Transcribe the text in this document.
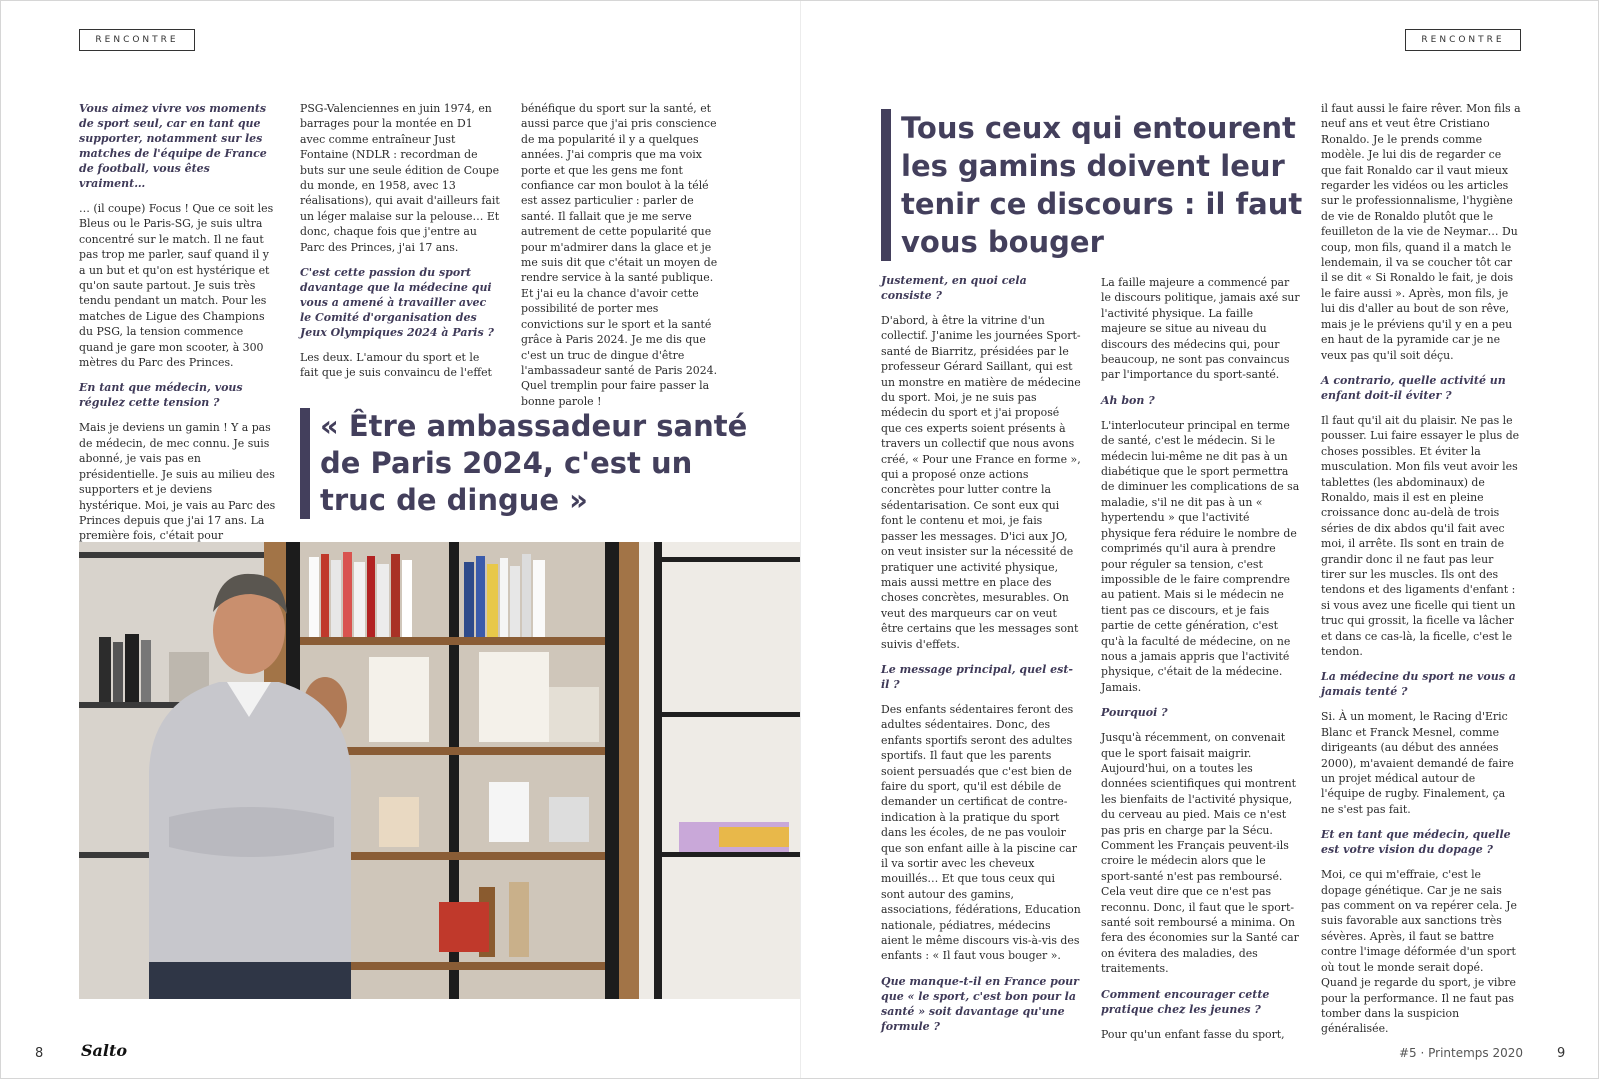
RENCONTRE	RENCONTRE

Vous aimez vivre vos moments de sport seul, car en tant que supporter, notamment sur les matches de l'équipe de France de football, vous êtes vraiment…

… (il coupe) Focus ! Que ce soit les Bleus ou le Paris-SG, je suis ultra concentré sur le match. Il ne faut pas trop me parler, sauf quand il y a un but et qu'on est hystérique et qu'on saute partout. Je suis très tendu pendant un match. Pour les matches de Ligue des Champions du PSG, la tension commence quand je gare mon scooter, à 300 mètres du Parc des Princes.

En tant que médecin, vous régulez cette tension ?

Mais je deviens un gamin ! Y a pas de médecin, de mec connu. Je suis abonné, je vais pas en présidentielle. Je suis au milieu des supporters et je deviens hystérique. Moi, je vais au Parc des Princes depuis que j'ai 17 ans. La première fois, c'était pour

PSG-Valenciennes en juin 1974, en barrages pour la montée en D1 avec comme entraîneur Just Fontaine (NDLR : recordman de buts sur une seule édition de Coupe du monde, en 1958, avec 13 réalisations), qui avait d'ailleurs fait un léger malaise sur la pelouse… Et donc, chaque fois que j'entre au Parc des Princes, j'ai 17 ans.

C'est cette passion du sport davantage que la médecine qui vous a amené à travailler avec le Comité d'organisation des Jeux Olympiques 2024 à Paris ?

Les deux. L'amour du sport et le fait que je suis convaincu de l'effet

bénéfique du sport sur la santé, et aussi parce que j'ai pris conscience de ma popularité il y a quelques années. J'ai compris que ma voix porte et que les gens me font confiance car mon boulot à la télé est assez particulier : parler de santé. Il fallait que je me serve autrement de cette popularité que pour m'admirer dans la glace et je me suis dit que c'était un moyen de rendre service à la santé publique. Et j'ai eu la chance d'avoir cette possibilité de porter mes convictions sur le sport et la santé grâce à Paris 2024. Je me dis que c'est un truc de dingue d'être l'ambassadeur santé de Paris 2024. Quel tremplin pour faire passer la bonne parole !

« Être ambassadeur santé de Paris 2024, c'est un truc de dingue »
8 Salto
Tous ceux qui entourent les gamins doivent leur tenir ce discours : il faut vous bouger

Justement, en quoi cela consiste ?

D'abord, à être la vitrine d'un collectif. J'anime les journées Sport-santé de Biarritz, présidées par le professeur Gérard Saillant, qui est un monstre en matière de médecine du sport. Moi, je ne suis pas médecin du sport et j'ai proposé que ces experts soient présents à travers un collectif que nous avons créé, « Pour une France en forme », qui a proposé onze actions concrètes pour lutter contre la sédentarisation. Ce sont eux qui font le contenu et moi, je fais passer les messages. D'ici aux JO, on veut insister sur la nécessité de pratiquer une activité physique, mais aussi mettre en place des choses concrètes, mesurables. On veut des marqueurs car on veut être certains que les messages sont suivis d'effets.

Le message principal, quel est-il ?

Des enfants sédentaires feront des adultes sédentaires. Donc, des enfants sportifs seront des adultes sportifs. Il faut que les parents soient persuadés que c'est bien de faire du sport, qu'il est débile de demander un certificat de contre-indication à la pratique du sport dans les écoles, de ne pas vouloir que son enfant aille à la piscine car il va sortir avec les cheveux mouillés… Et que tous ceux qui sont autour des gamins, associations, fédérations, Education nationale, pédiatres, médecins aient le même discours vis-à-vis des enfants : « Il faut vous bouger ».

Que manque-t-il en France pour que « le sport, c'est bon pour la santé » soit davantage qu'une formule ?

La faille majeure a commencé par le discours politique, jamais axé sur l'activité physique. La faille majeure se situe au niveau du discours des médecins qui, pour beaucoup, ne sont pas convaincus par l'importance du sport-santé.

Ah bon ?

L'interlocuteur principal en terme de santé, c'est le médecin. Si le médecin lui-même ne dit pas à un diabétique que le sport permettra de diminuer les complications de sa maladie, s'il ne dit pas à un « hypertendu » que l'activité physique fera réduire le nombre de comprimés qu'il aura à prendre pour réguler sa tension, c'est impossible de le faire comprendre au patient. Mais si le médecin ne tient pas ce discours, et je fais partie de cette génération, c'est qu'à la faculté de médecine, on ne nous a jamais appris que l'activité physique, c'était de la médecine. Jamais.

Pourquoi ?

Jusqu'à récemment, on convenait que le sport faisait maigrir. Aujourd'hui, on a toutes les données scientifiques qui montrent les bienfaits de l'activité physique, du cerveau au pied. Mais ce n'est pas pris en charge par la Sécu. Comment les Français peuvent-ils croire le médecin alors que le sport-santé n'est pas remboursé. Cela veut dire que ce n'est pas reconnu. Donc, il faut que le sport-santé soit remboursé a minima. On fera des économies sur la Santé car on évitera des maladies, des traitements.

Comment encourager cette pratique chez les jeunes ?

Pour qu'un enfant fasse du sport,

il faut aussi le faire rêver. Mon fils a neuf ans et veut être Cristiano Ronaldo. Je le prends comme modèle. Je lui dis de regarder ce que fait Ronaldo car il vaut mieux regarder les vidéos ou les articles sur le professionnalisme, l'hygiène de vie de Ronaldo plutôt que le feuilleton de la vie de Neymar… Du coup, mon fils, quand il a match le lendemain, il va se coucher tôt car il se dit « Si Ronaldo le fait, je dois le faire aussi ». Après, mon fils, je lui dis d'aller au bout de son rêve, mais je le préviens qu'il y en a peu en haut de la pyramide car je ne veux pas qu'il soit déçu.

A contrario, quelle activité un enfant doit-il éviter ?

Il faut qu'il ait du plaisir. Ne pas le pousser. Lui faire essayer le plus de choses possibles. Et éviter la musculation. Mon fils veut avoir les tablettes (les abdominaux) de Ronaldo, mais il est en pleine croissance donc au-delà de trois séries de dix abdos qu'il fait avec moi, il arrête. Ils sont en train de grandir donc il ne faut pas leur tirer sur les muscles. Ils ont des tendons et des ligaments d'enfant : si vous avez une ficelle qui tient un truc qui grossit, la ficelle va lâcher et dans ce cas-là, la ficelle, c'est le tendon.

La médecine du sport ne vous a jamais tenté ?

Si. À un moment, le Racing d'Eric Blanc et Franck Mesnel, comme dirigeants (au début des années 2000), m'avaient demandé de faire un projet médical autour de l'équipe de rugby. Finalement, ça ne s'est pas fait.

Et en tant que médecin, quelle est votre vision du dopage ?

Moi, ce qui m'effraie, c'est le dopage génétique. Car je ne sais pas comment on va repérer cela. Je suis favorable aux sanctions très sévères. Après, il faut se battre contre l'image déformée d'un sport où tout le monde serait dopé. Quand je regarde du sport, je vibre pour la performance. Il ne faut pas tomber dans la suspicion généralisée.

#5 · Printemps 2020	9
